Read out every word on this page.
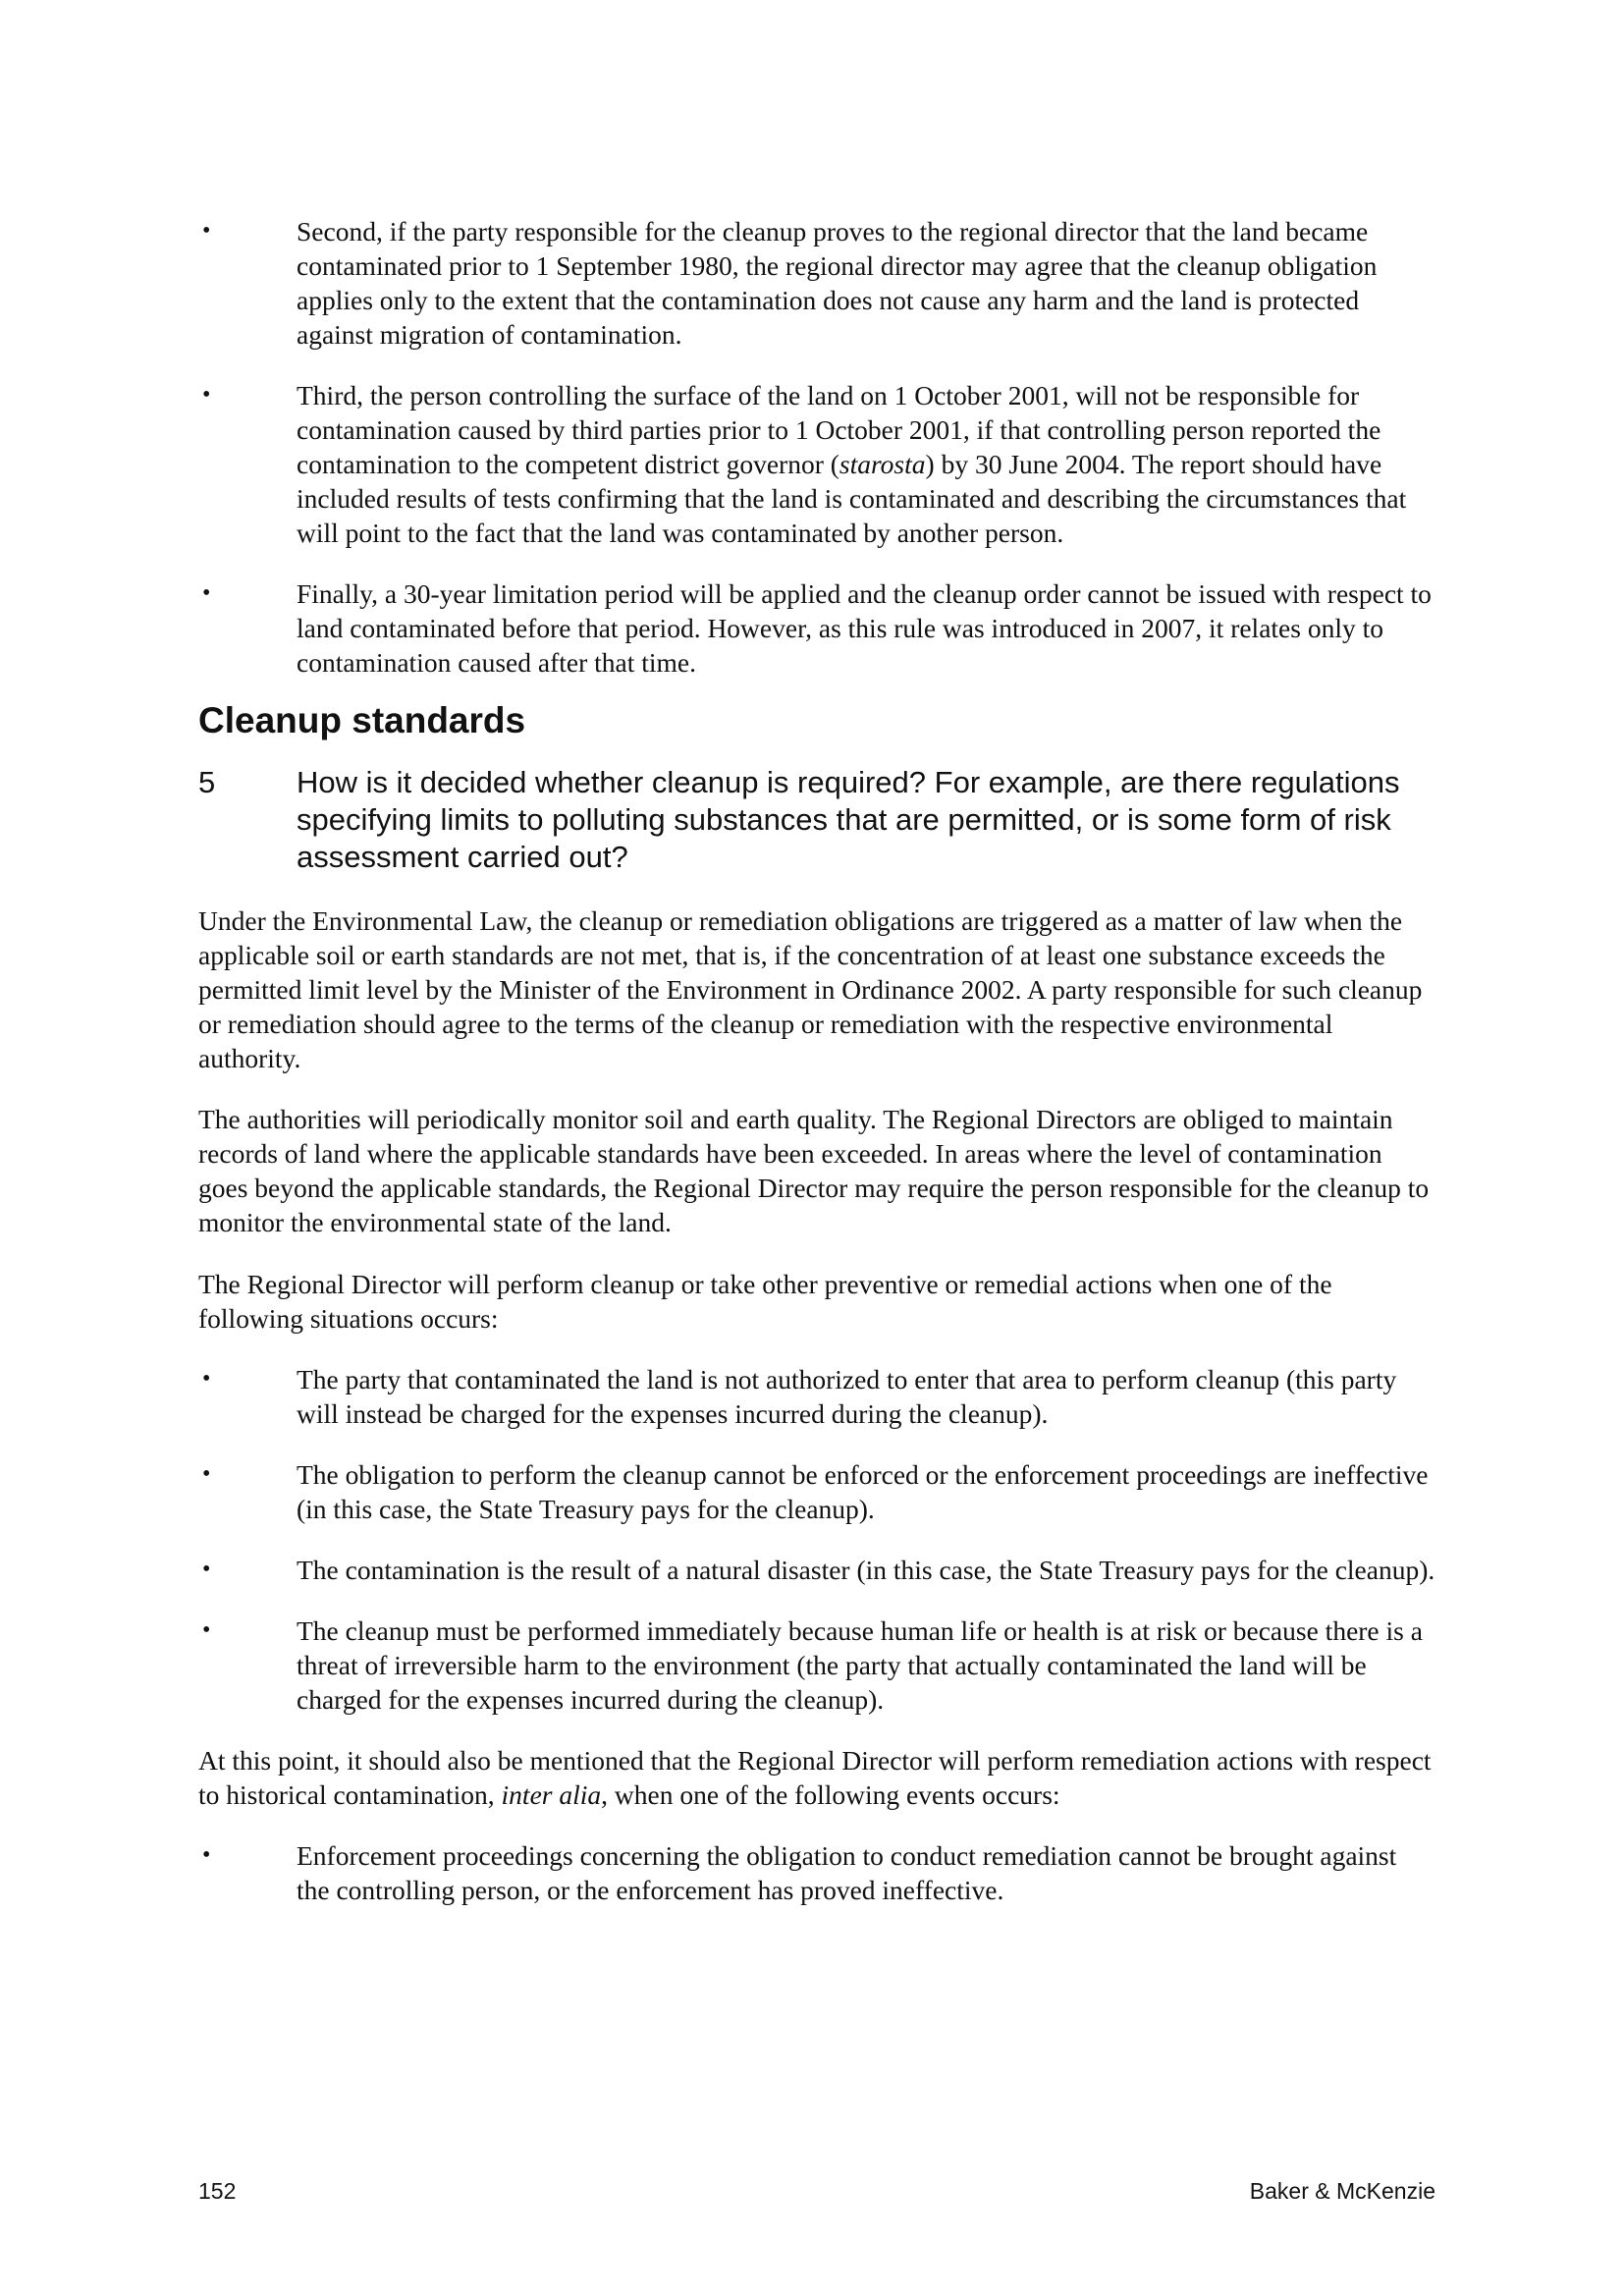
•	Second, if the party responsible for the cleanup proves to the regional director that the land became contaminated prior to 1 September 1980, the regional director may agree that the cleanup obligation applies only to the extent that the contamination does not cause any harm and the land is protected against migration of contamination.
•	Third, the person controlling the surface of the land on 1 October 2001, will not be responsible for contamination caused by third parties prior to 1 October 2001, if that controlling person reported the contamination to the competent district governor (starosta) by 30 June 2004. The report should have included results of tests confirming that the land is contaminated and describing the circumstances that will point to the fact that the land was contaminated by another person.
•	Finally, a 30-year limitation period will be applied and the cleanup order cannot be issued with respect to land contaminated before that period. However, as this rule was introduced in 2007, it relates only to contamination caused after that time.
Cleanup standards
5	How is it decided whether cleanup is required? For example, are there regulations specifying limits to polluting substances that are permitted, or is some form of risk assessment carried out?

Under the Environmental Law, the cleanup or remediation obligations are triggered as a matter of law when the applicable soil or earth standards are not met, that is, if the concentration of at least one substance exceeds the permitted limit level by the Minister of the Environment in Ordinance 2002. A party responsible for such cleanup or remediation should agree to the terms of the cleanup or remediation with the respective environmental authority.

The authorities will periodically monitor soil and earth quality. The Regional Directors are obliged to maintain records of land where the applicable standards have been exceeded. In areas where the level of contamination goes beyond the applicable standards, the Regional Director may require the person responsible for the cleanup to monitor the environmental state of the land.

The Regional Director will perform cleanup or take other preventive or remedial actions when one of the following situations occurs:

•	The party that contaminated the land is not authorized to enter that area to perform cleanup (this party will instead be charged for the expenses incurred during the cleanup).
•	The obligation to perform the cleanup cannot be enforced or the enforcement proceedings are ineffective (in this case, the State Treasury pays for the cleanup).
•	The contamination is the result of a natural disaster (in this case, the State Treasury pays for the cleanup).
•	The cleanup must be performed immediately because human life or health is at risk or because there is a threat of irreversible harm to the environment (the party that actually contaminated the land will be charged for the expenses incurred during the cleanup).

At this point, it should also be mentioned that the Regional Director will perform remediation actions with respect to historical contamination, inter alia, when one of the following events occurs:

•	Enforcement proceedings concerning the obligation to conduct remediation cannot be brought against the controlling person, or the enforcement has proved ineffective.
152	Baker & McKenzie
